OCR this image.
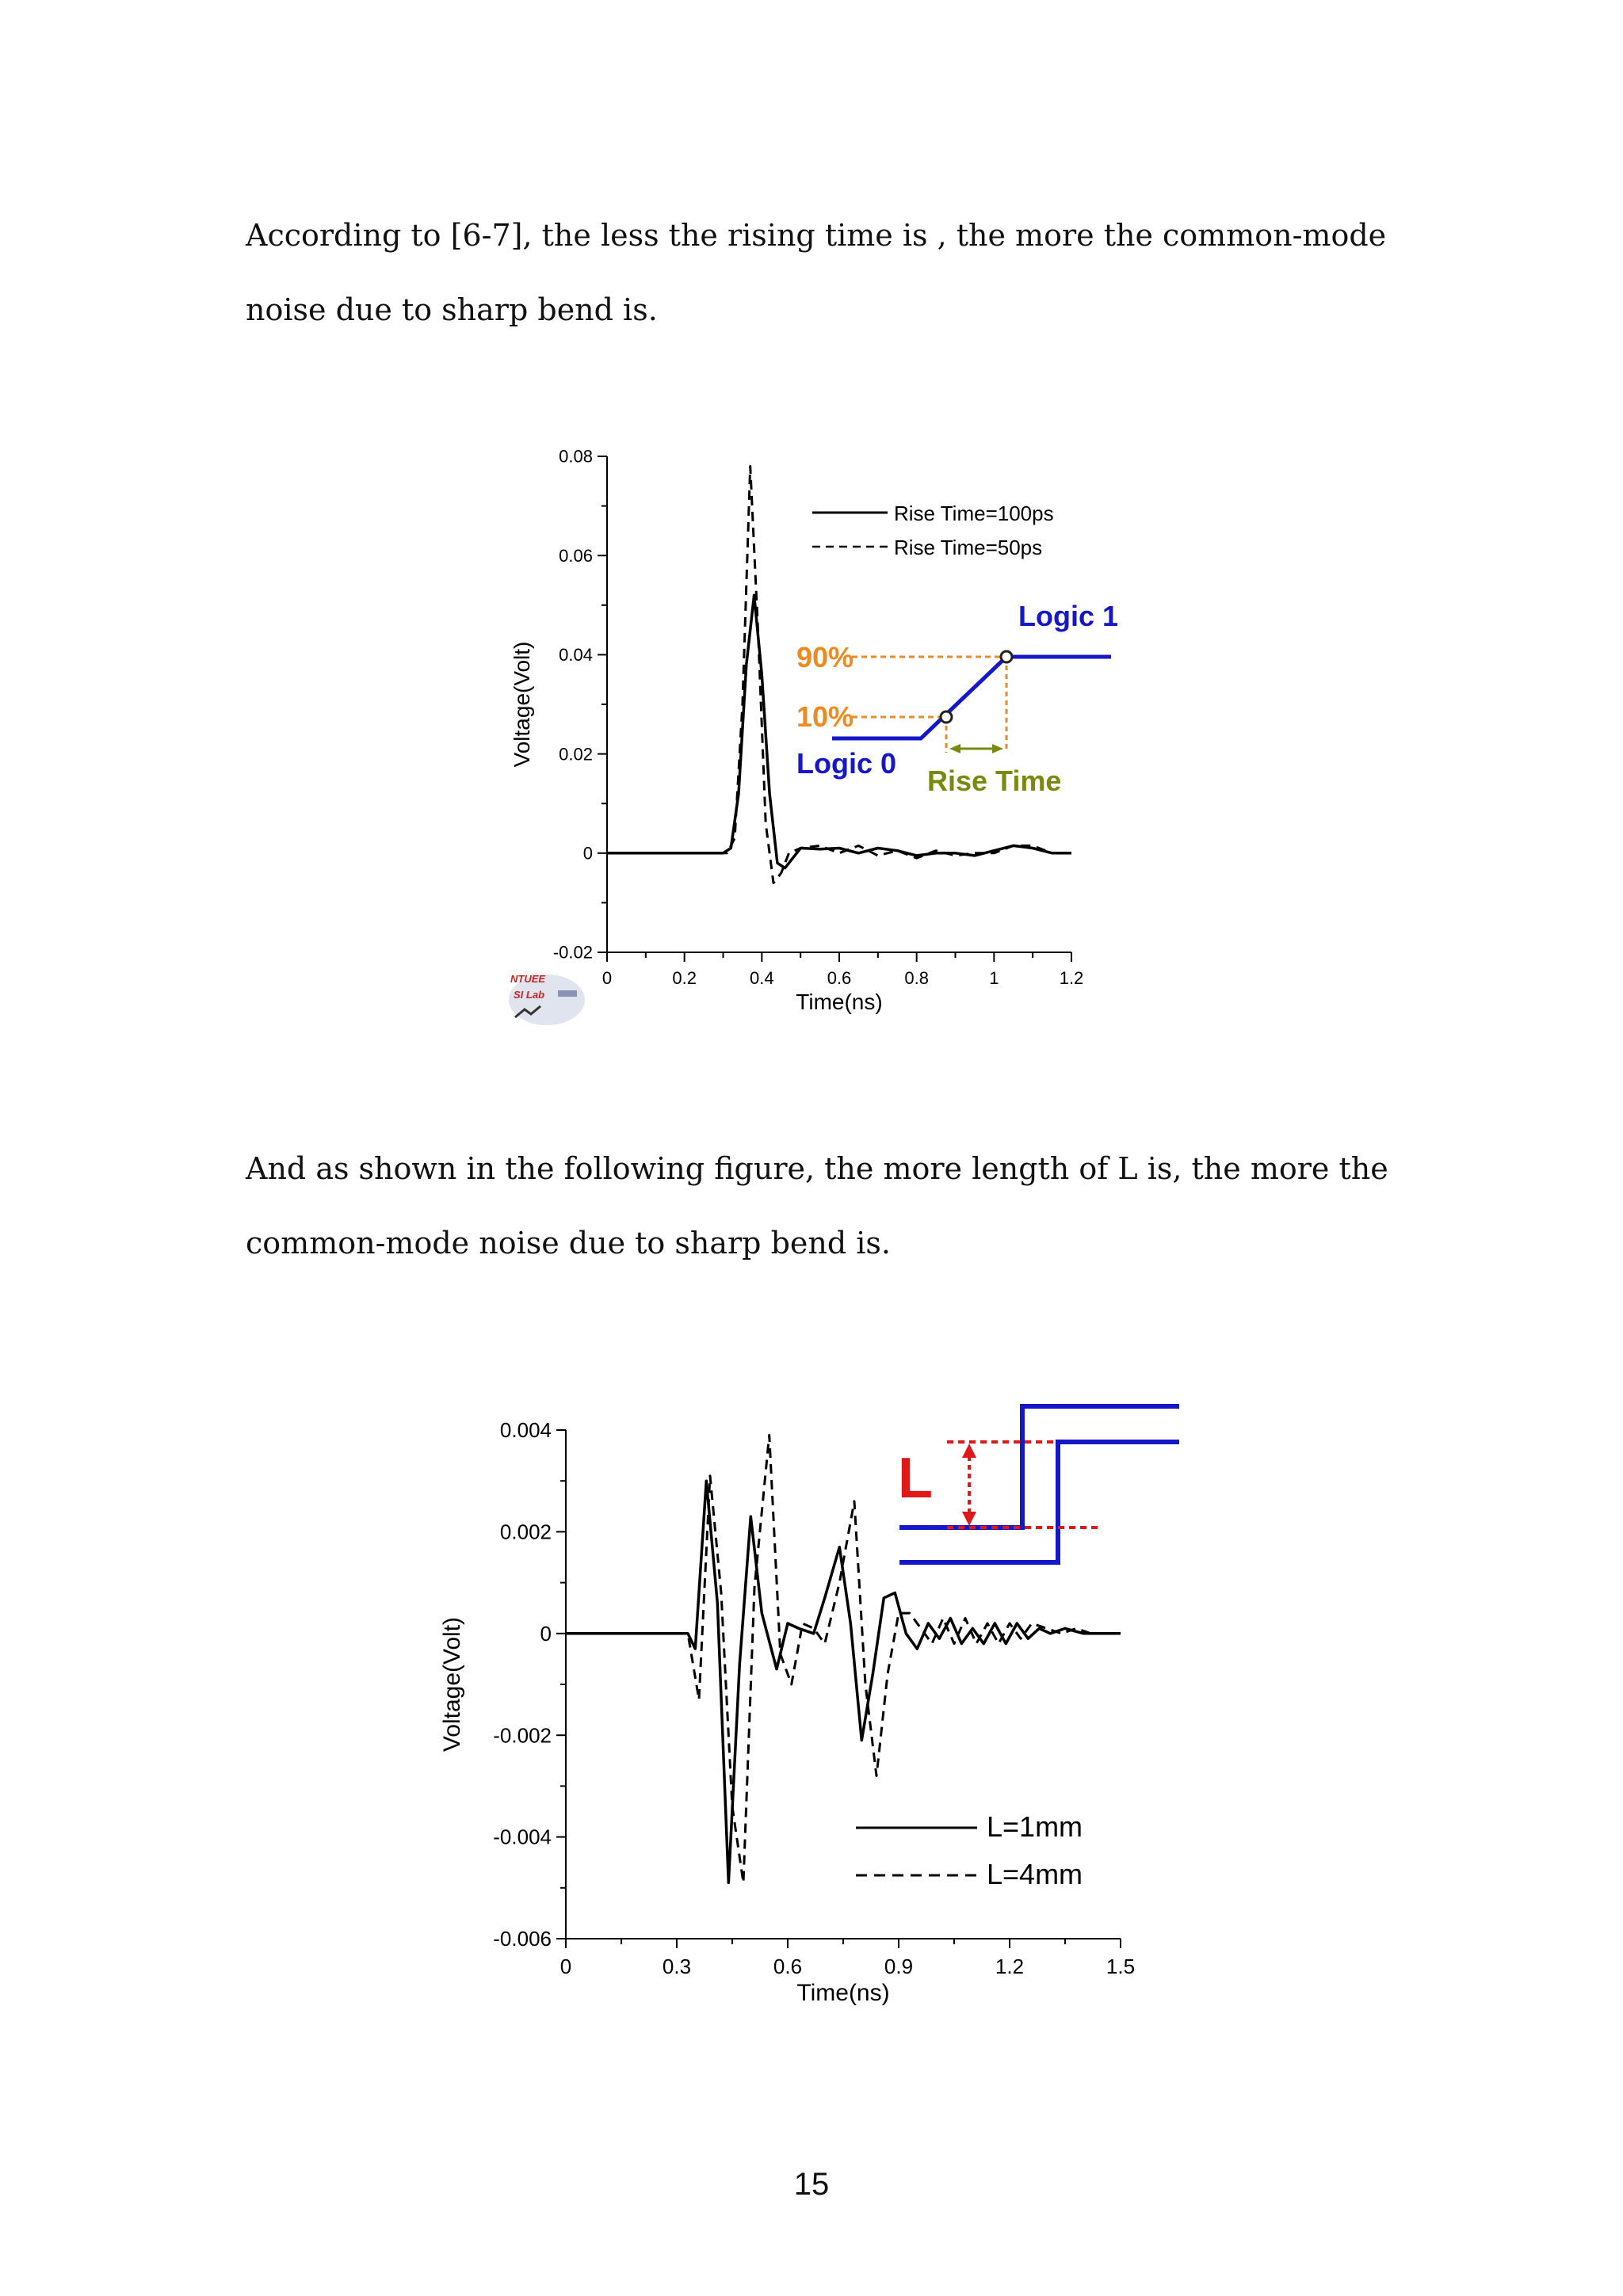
According to [6-7], the less the rising time is , the more the common-mode noise due to sharp bend is.

0	0.2	0.4	0.6	0.8	1	1.2
-0.02
0
0.02
0.04
0.06
0.08
Time(ns)
Voltage(Volt)
Rise Time=100ps
Rise Time=50ps
Logic 1
90%
10%
Logic 0
Rise Time
NTUEE
SI Lab

And as shown in the following figure, the more length of L is, the more the common-mode noise due to sharp bend is.

0	0.3	0.6	0.9	1.2	1.5
-0.006
-0.004
-0.002
0
0.002
0.004
Time(ns)
Voltage(Volt)
L
L=1mm
L=4mm
15
